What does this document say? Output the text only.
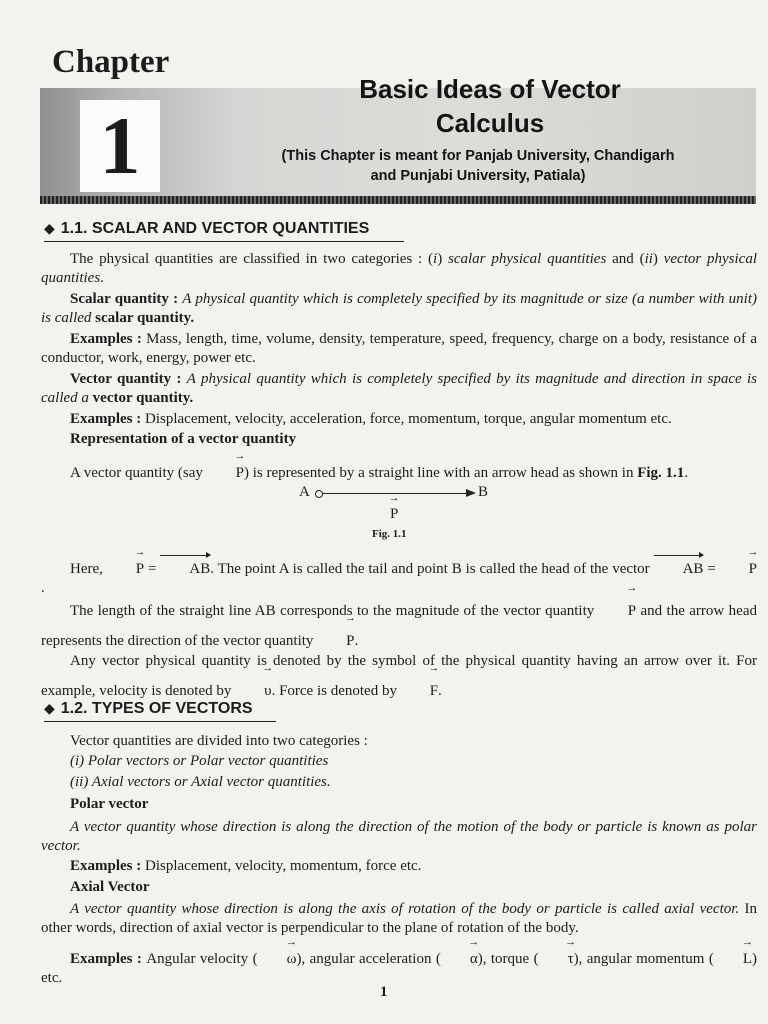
Chapter
1
Basic Ideas of Vector
Calculus
(This Chapter is meant for Panjab University, Chandigarh
and Punjabi University, Patiala)
◆ 1.1. SCALAR AND VECTOR QUANTITIES
The physical quantities are classified in two categories : (i) scalar physical quantities and (ii) vector physical quantities.
Scalar quantity : A physical quantity which is completely specified by its magnitude or size (a number with unit) is called scalar quantity.
Examples : Mass, length, time, volume, density, temperature, speed, frequency, charge on a body, resistance of a conductor, work, energy, power etc.
Vector quantity : A physical quantity which is completely specified by its magnitude and direction in space is called a vector quantity.
Examples : Displacement, velocity, acceleration, force, momentum, torque, angular momentum etc.
Representation of a vector quantity
A vector quantity (say → P) is represented by a straight line with an arrow head as shown in Fig. 1.1.
A	B
→ P
Fig. 1.1
Here, → P = AB. The point A is called the tail and point B is called the head of the vector AB = → P.
The length of the straight line AB corresponds to the magnitude of the vector quantity → P and the arrow head represents the direction of the vector quantity → P.
Any vector physical quantity is denoted by the symbol of the physical quantity having an arrow over it. For example, velocity is denoted by → υ. Force is denoted by → F.
◆ 1.2. TYPES OF VECTORS
Vector quantities are divided into two categories :
(i) Polar vectors or Polar vector quantities
(ii) Axial vectors or Axial vector quantities.
Polar vector
A vector quantity whose direction is along the direction of the motion of the body or particle is known as polar vector.
Examples : Displacement, velocity, momentum, force etc.
Axial Vector
A vector quantity whose direction is along the axis of rotation of the body or particle is called axial vector. In other words, direction of axial vector is perpendicular to the plane of rotation of the body.
Examples : Angular velocity ( → ω), angular acceleration ( → α), torque ( → τ), angular momentum ( → L) etc.
1
